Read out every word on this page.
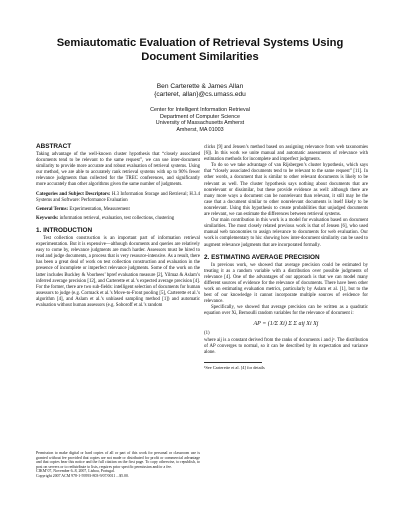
Semiautomatic Evaluation of Retrieval Systems Using
Document Similarities
Ben Carterette & James Allan
{carteret, allan}@cs.umass.edu
Center for Intelligent Information Retrieval
Department of Computer Science
University of Massachusetts Amherst
Amherst, MA 01003
ABSTRACT

Taking advantage of the well-known cluster hypothesis that “closely associated documents tend to be relevant to the same request”, we can use inter-document similarity to provide more accurate and robust evaluation of retrieval systems. Using our method, we are able to accurately rank retrieval systems with up to 90% fewer relevance judgments than collected for the TREC conferences, and significantly more accurately than other algorithms given the same number of judgments.

Categories and Subject Descriptors: H.3 Information Storage and Retrieval; H.3.4 Systems and Software: Performance Evaluation

General Terms: Experimentation, Measurement

Keywords: information retrieval, evaluation, test collections, clustering

1. INTRODUCTION

Test collection construction is an important part of information retrieval experimentation. But it is expensive—although documents and queries are relatively easy to come by, relevance judgments are much harder. Assessors must be hired to read and judge documents, a process that is very resource-intensive. As a result, there has been a great deal of work on test collection construction and evaluation in the presence of incomplete or imperfect relevance judgments. Some of the work on the latter includes Buckley & Voorhees’ bpref evaluation measure [2], Yilmaz & Aslam’s inferred average precision [12], and Carterette et al.’s expected average precision [4]. For the former, there are two sub-fields: intelligent selection of documents for human assessors to judge (e.g. Cormack et al.’s Move-to-Front pooling [5], Carterette et al.’s algorithm [4], and Aslam et al.’s unbiased sampling method [1]) and automatic evaluation without human assessors (e.g. Soboroff et al.’s random

Permission to make digital or hard copies of all or part of this work for personal or classroom use is granted without fee provided that copies are not made or distributed for profit or commercial advantage and that copies bear this notice and the full citation on the first page. To copy otherwise, to republish, to post on servers or to redistribute to lists, requires prior specific permission and/or a fee.
CIKM’07, November 6–8, 2007, Lisboa, Portugal.
Copyright 2007 ACM 978-1-59593-803-9/07/0011 ...$5.00.

clicks [9] and Jensen’s method based on assigning relevance from web taxonomies [6]). In this work we unite manual and automatic assessments of relevance with estimation methods for incomplete and imperfect judgments.

To do so we take advantage of van Rijsbergen’s cluster hypothesis, which says that “closely associated documents tend to be relevant to the same request” [11]. In other words, a document that is similar to other relevant documents is likely to be relevant as well. The cluster hypothesis says nothing about documents that are nonrelevant or dissimilar, but these provide evidence as well: although there are many more ways a document can be nonrelevant than relevant, it still may be the case that a document similar to other nonrelevant documents is itself likely to be nonrelevant. Using this hypothesis to create probabilities that unjudged documents are relevant, we can estimate the differences between retrieval systems.

Our main contribution in this work is a model for evaluation based on document similarities. The most closely related previous work is that of Jensen [6], who used manual web taxonomies to assign relevance to documents for web evaluation. Our work is complementary to his: showing how inter-document similarity can be used to augment relevance judgments that are incorporated formally.

2. ESTIMATING AVERAGE PRECISION

In previous work, we showed that average precision could be estimated by treating it as a random variable with a distribution over possible judgments of relevance [4]. One of the advantages of our approach is that we can model many different sources of evidence for the relevance of documents. There have been other work on estimating evaluation metrics, particularly by Aslam et al. [1], but to the best of our knowledge it cannot incorporate multiple sources of evidence for relevance.

Specifically, we showed that average precision can be written as a quadratic equation over Xi, Bernoulli random variables for the relevance of document i:

AP = (1/Σ Xi) Σ Σ aij Xi Xj
(1)

where aij is a constant derived from the ranks of documents i and j¹. The distribution of AP converges to normal, so it can be described by its expectation and variance alone.

¹See Carterette et al. [4] for details
